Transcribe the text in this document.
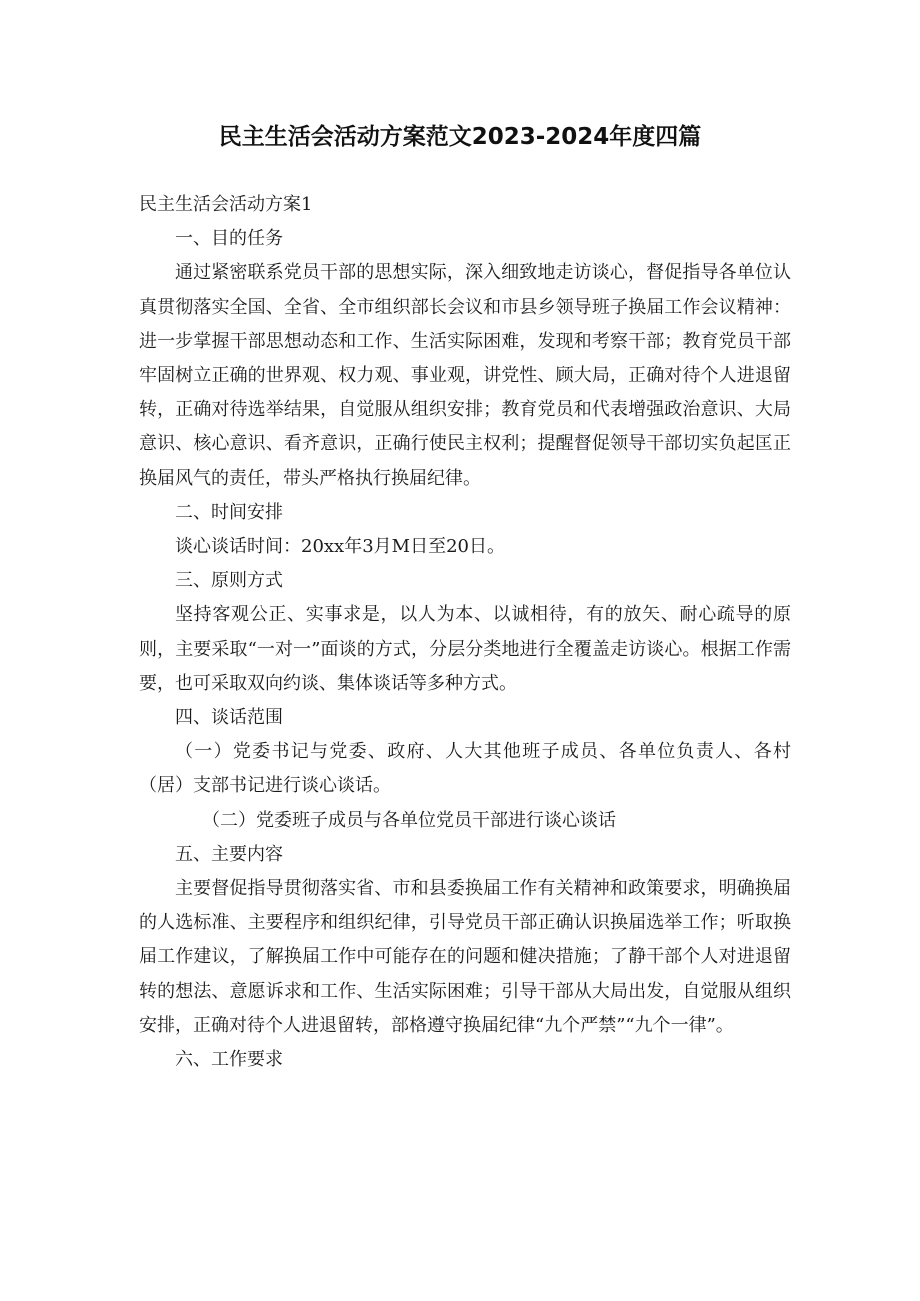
民主生活会活动方案范文2023-2024年度四篇

民主生活会活动方案1

一、目的任务

通过紧密联系党员干部的思想实际，深入细致地走访谈心，督促指导各单位认真贯彻落实全国、全省、全市组织部长会议和市县乡领导班子换届工作会议精神：进一步掌握干部思想动态和工作、生活实际困难，发现和考察干部；教育党员干部牢固树立正确的世界观、权力观、事业观，讲党性、顾大局，正确对待个人进退留转，正确对待选举结果，自觉服从组织安排；教育党员和代表增强政治意识、大局意识、核心意识、看齐意识，正确行使民主权利；提醒督促领导干部切实负起匡正换届风气的责任，带头严格执行换届纪律。

二、时间安排

谈心谈话时间：20xx年3月M日至20日。

三、原则方式

坚持客观公正、实事求是，以人为本、以诚相待，有的放矢、耐心疏导的原则，主要采取“一对一”面谈的方式，分层分类地进行全覆盖走访谈心。根据工作需要，也可采取双向约谈、集体谈话等多种方式。

四、谈话范围

（一）党委书记与党委、政府、人大其他班子成员、各单位负责人、各村（居）支部书记进行谈心谈话。

（二）党委班子成员与各单位党员干部进行谈心谈话

五、主要内容

主要督促指导贯彻落实省、市和县委换届工作有关精神和政策要求，明确换届的人选标准、主要程序和组织纪律，引导党员干部正确认识换届选举工作；听取换届工作建议，了解换届工作中可能存在的问题和健决措施；了静干部个人对进退留转的想法、意愿诉求和工作、生活实际困难；引导干部从大局出发，自觉服从组织安排，正确对待个人进退留转，部格遵守换届纪律“九个严禁”“九个一律”。

六、工作要求
